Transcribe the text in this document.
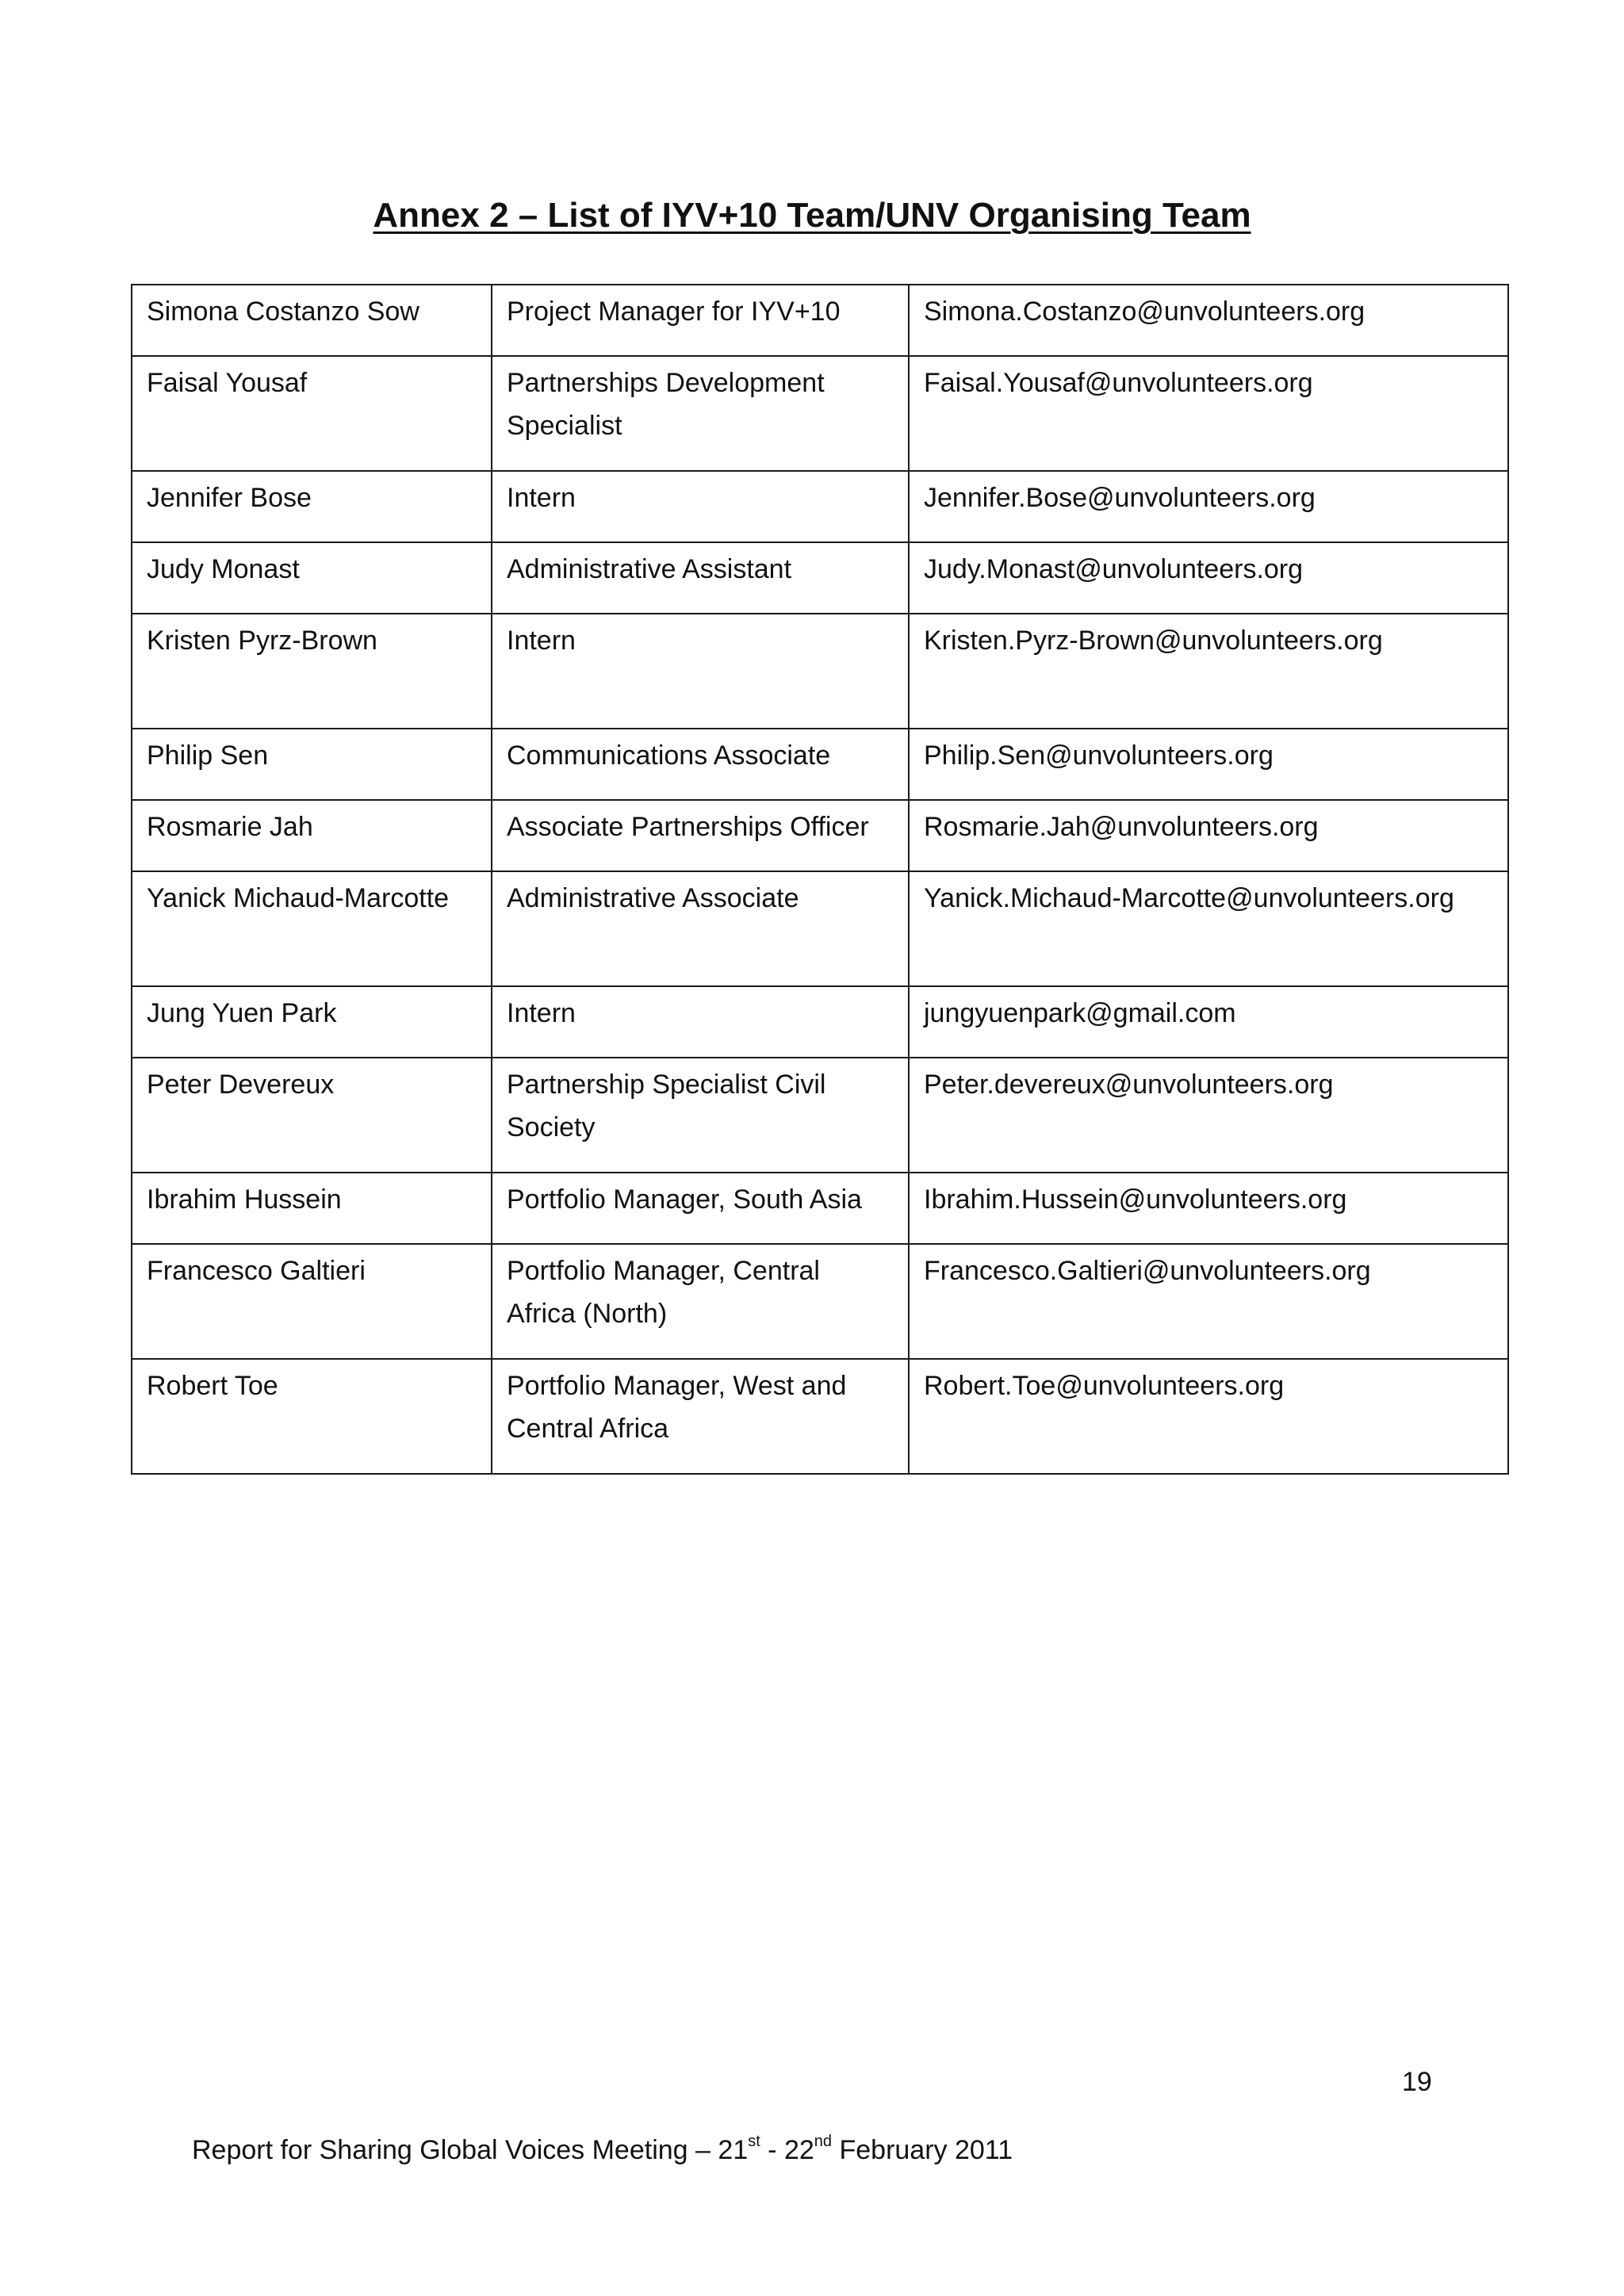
Annex 2 – List of IYV+10 Team/UNV Organising Team
Simona Costanzo Sow	Project Manager for IYV+10	Simona.Costanzo@unvolunteers.org
Faisal Yousaf	Partnerships Development Specialist	Faisal.Yousaf@unvolunteers.org
Jennifer Bose	Intern	Jennifer.Bose@unvolunteers.org
Judy Monast	Administrative Assistant	Judy.Monast@unvolunteers.org
Kristen Pyrz-Brown	Intern	Kristen.Pyrz-Brown@unvolunteers.org
Philip Sen	Communications Associate	Philip.Sen@unvolunteers.org
Rosmarie Jah	Associate Partnerships Officer	Rosmarie.Jah@unvolunteers.org
Yanick Michaud-Marcotte	Administrative Associate	Yanick.Michaud-Marcotte@unvolunteers.org
Jung Yuen Park	Intern	jungyuenpark@gmail.com
Peter Devereux	Partnership Specialist Civil Society	Peter.devereux@unvolunteers.org
Ibrahim Hussein	Portfolio Manager, South Asia	Ibrahim.Hussein@unvolunteers.org
Francesco Galtieri	Portfolio Manager, Central Africa (North)	Francesco.Galtieri@unvolunteers.org
Robert Toe	Portfolio Manager, West and Central Africa	Robert.Toe@unvolunteers.org
19
Report for Sharing Global Voices Meeting – 21st - 22nd February 2011
